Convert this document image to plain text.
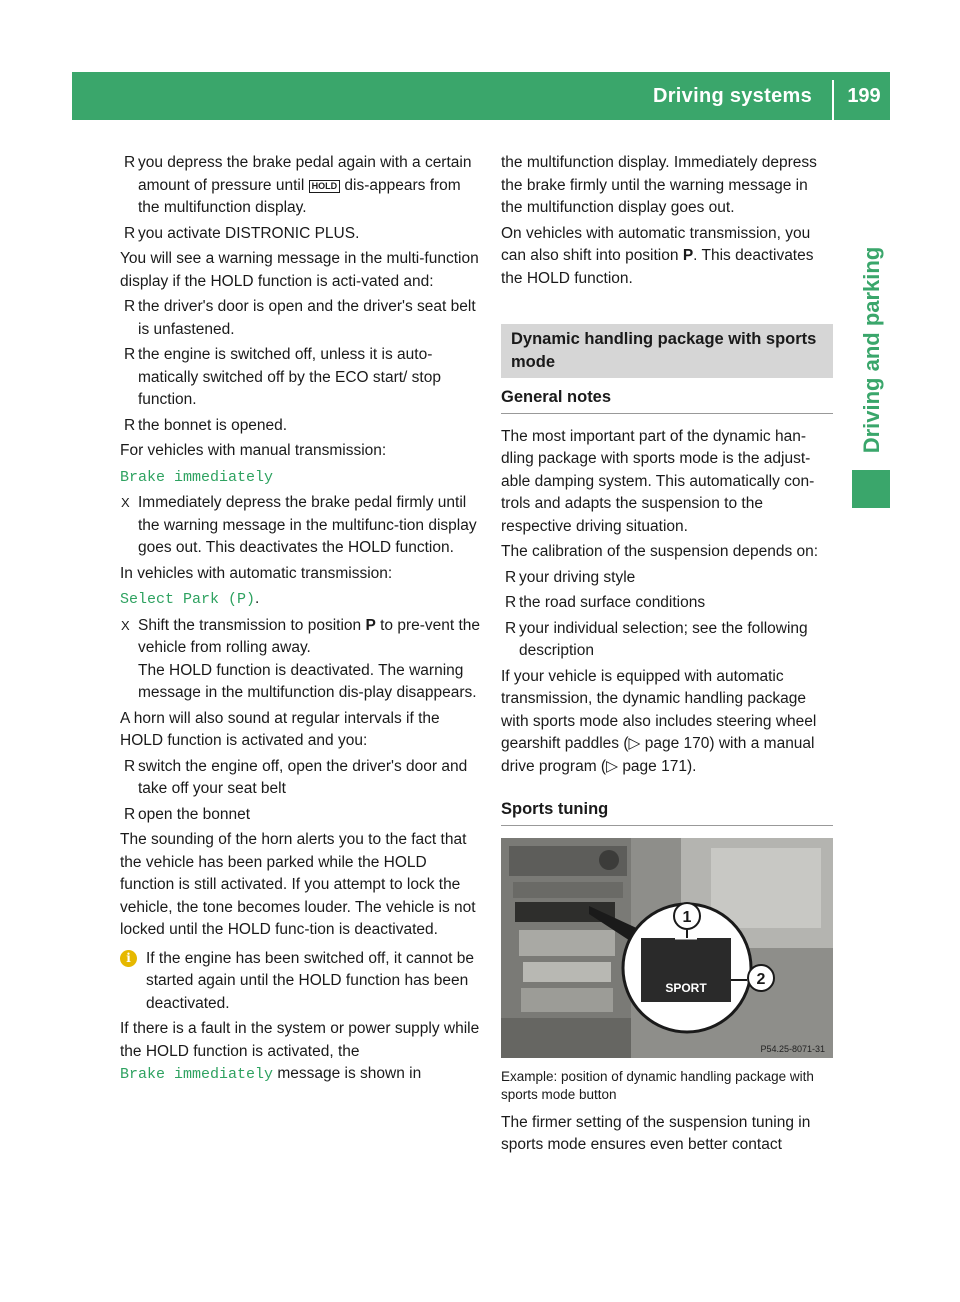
Driving systems	199
Driving and parking
R you depress the brake pedal again with a certain amount of pressure until HOLD dis-appears from the multifunction display.
R you activate DISTRONIC PLUS.

You will see a warning message in the multi-function display if the HOLD function is acti-vated and:

R the driver's door is open and the driver's seat belt is unfastened.
R the engine is switched off, unless it is auto-matically switched off by the ECO start/ stop function.
R the bonnet is opened.

For vehicles with manual transmission:

Brake immediately
X Immediately depress the brake pedal firmly until the warning message in the multifunc-tion display goes out. This deactivates the HOLD function.

In vehicles with automatic transmission:

Select Park (P).
X Shift the transmission to position P to pre-vent the vehicle from rolling away.
The HOLD function is deactivated. The warning message in the multifunction dis-play disappears.

A horn will also sound at regular intervals if the HOLD function is activated and you:

R switch the engine off, open the driver's door and take off your seat belt
R open the bonnet

The sounding of the horn alerts you to the fact that the vehicle has been parked while the HOLD function is still activated. If you attempt to lock the vehicle, the tone becomes louder. The vehicle is not locked until the HOLD func-tion is deactivated.

i If the engine has been switched off, it cannot be started again until the HOLD function has been deactivated.

If there is a fault in the system or power supply while the HOLD function is activated, the
Brake immediately message is shown in

the multifunction display. Immediately depress the brake firmly until the warning message in the multifunction display goes out.

On vehicles with automatic transmission, you can also shift into position P. This deactivates the HOLD function.

Dynamic handling package with sports mode
General notes

The most important part of the dynamic han-dling package with sports mode is the adjust-able damping system. This automatically con-trols and adapts the suspension to the respective driving situation.

The calibration of the suspension depends on:

R your driving style
R the road surface conditions
R your individual selection; see the following description

If your vehicle is equipped with automatic transmission, the dynamic handling package with sports mode also includes steering wheel gearshift paddles (▷ page 170) with a manual drive program (▷ page 171).

Sports tuning
SPORT
1
2
P54.25-8071-31
Example: position of dynamic handling package with sports mode button

The firmer setting of the suspension tuning in sports mode ensures even better contact
